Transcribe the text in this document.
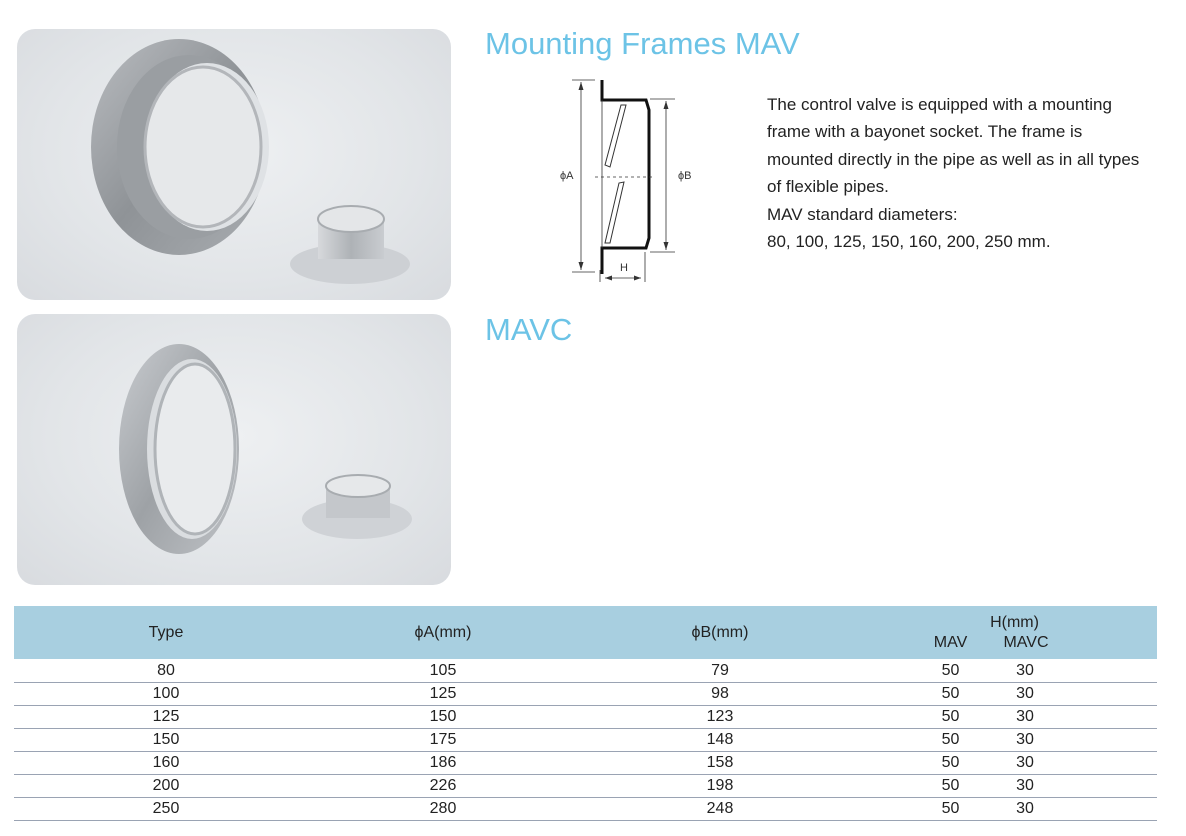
Mounting Frames MAV
ϕA	ϕB
H
The control valve is equipped with a mounting
frame with a bayonet socket. The frame is
mounted directly in the pipe as well as in all types
of flexible pipes.
MAV standard diameters:
80, 100, 125, 150, 160, 200, 250 mm.
MAVC
Type	ϕA(mm)	ϕB(mm)	H(mm)
MAV MAVC

80	105	79	50 30

100	125	98	50 30

125	150	123	50 30

150	175	148	50 30

160	186	158	50 30

200	226	198	50 30

250	280	248	50 30
